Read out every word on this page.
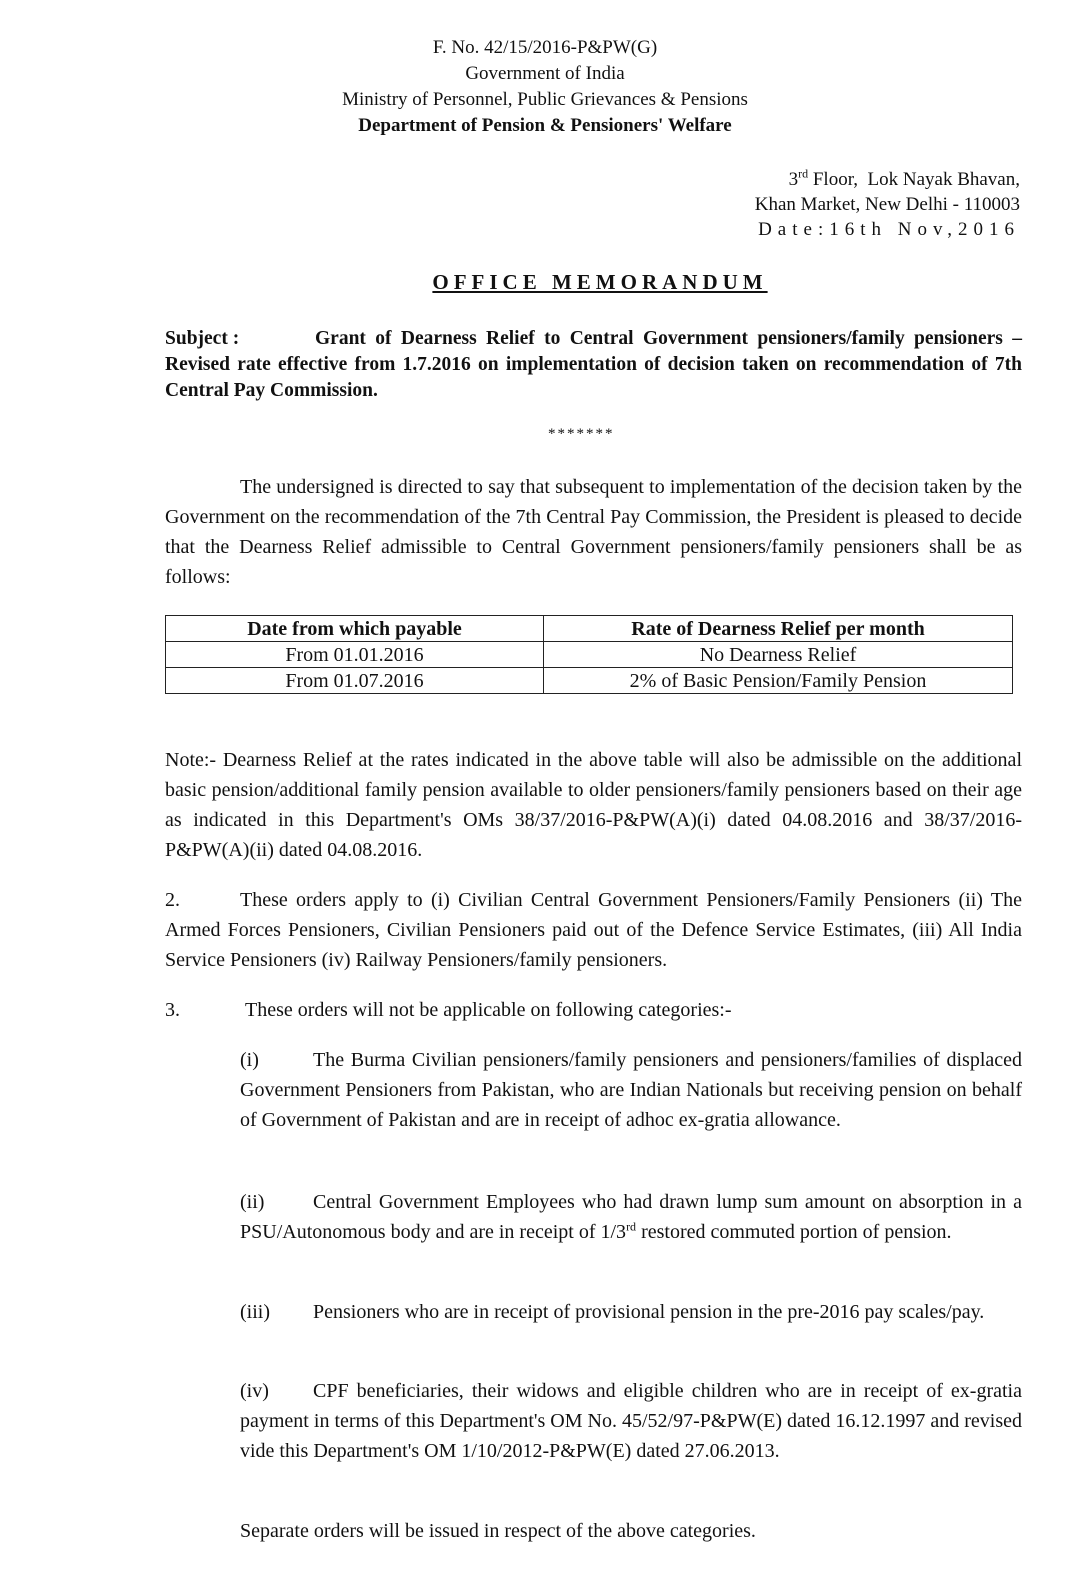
F. No. 42/15/2016-P&PW(G)
Government of India
Ministry of Personnel, Public Grievances & Pensions
Department of Pension & Pensioners' Welfare
3rd Floor,  Lok Nayak Bhavan,
Khan Market, New Delhi - 110003
Date:16th Nov,2016
OFFICE MEMORANDUM
Subject :	Grant of Dearness Relief to Central Government pensioners/family pensioners – Revised rate effective from 1.7.2016 on implementation of decision taken on recommendation of 7th Central Pay Commission.
*******
The undersigned is directed to say that subsequent to implementation of the decision taken by the Government on the recommendation of the 7th Central Pay Commission, the President is pleased to decide that the Dearness Relief admissible to Central Government pensioners/family pensioners shall be as follows:
Date from which payable	Rate of Dearness Relief per month
From 01.01.2016	No Dearness Relief
From 01.07.2016	2% of Basic Pension/Family Pension
Note:- Dearness Relief at the rates indicated in the above table will also be admissible on the additional basic pension/additional family pension available to older pensioners/family pensioners based on their age as indicated in this Department's OMs 38/37/2016-P&PW(A)(i) dated 04.08.2016 and 38/37/2016-P&PW(A)(ii) dated 04.08.2016.
2.	These orders apply to (i) Civilian Central Government Pensioners/Family Pensioners (ii) The Armed Forces Pensioners, Civilian Pensioners paid out of the Defence Service Estimates, (iii) All India Service Pensioners (iv) Railway Pensioners/family pensioners.
3.	These orders will not be applicable on following categories:-
(i)	The Burma Civilian pensioners/family pensioners and pensioners/families of displaced Government Pensioners from Pakistan, who are Indian Nationals but receiving pension on behalf of Government of Pakistan and are in receipt of adhoc ex-gratia allowance.
(ii) Central Government Employees who had drawn lump sum amount on absorption in a PSU/Autonomous body and are in receipt of 1/3rd restored commuted portion of pension.
(iii) Pensioners who are in receipt of provisional pension in the pre-2016 pay scales/pay.
(iv) CPF beneficiaries, their widows and eligible children who are in receipt of ex-gratia payment in terms of this Department's OM No. 45/52/97-P&PW(E) dated 16.12.1997 and revised vide this Department's OM 1/10/2012-P&PW(E) dated 27.06.2013.
Separate orders will be issued in respect of the above categories.
